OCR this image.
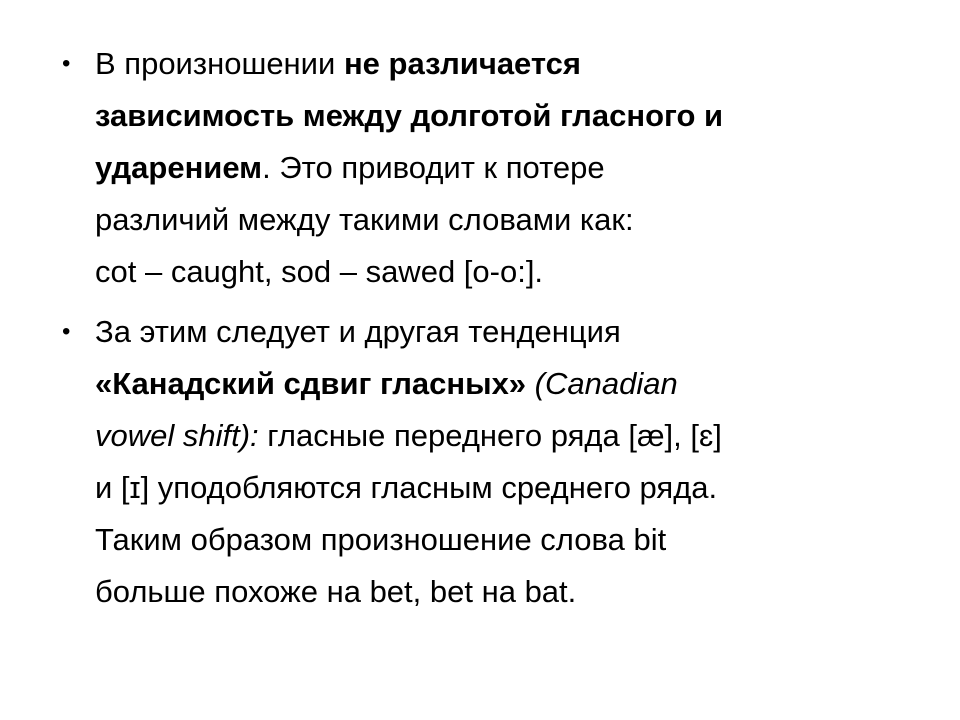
• В произношении не различается
зависимость между долготой гласного и
ударением. Это приводит к потере
различий между такими словами как:
cot – caught, sod – sawed [о-о:].
• За этим следует и другая тенденция
«Канадский сдвиг гласных» (Canadian
vowel shift): гласные переднего ряда [æ], [ɛ]
и [ɪ] уподобляются гласным среднего ряда.
Таким образом произношение слова bit
больше похоже на bet, bet на bat.
